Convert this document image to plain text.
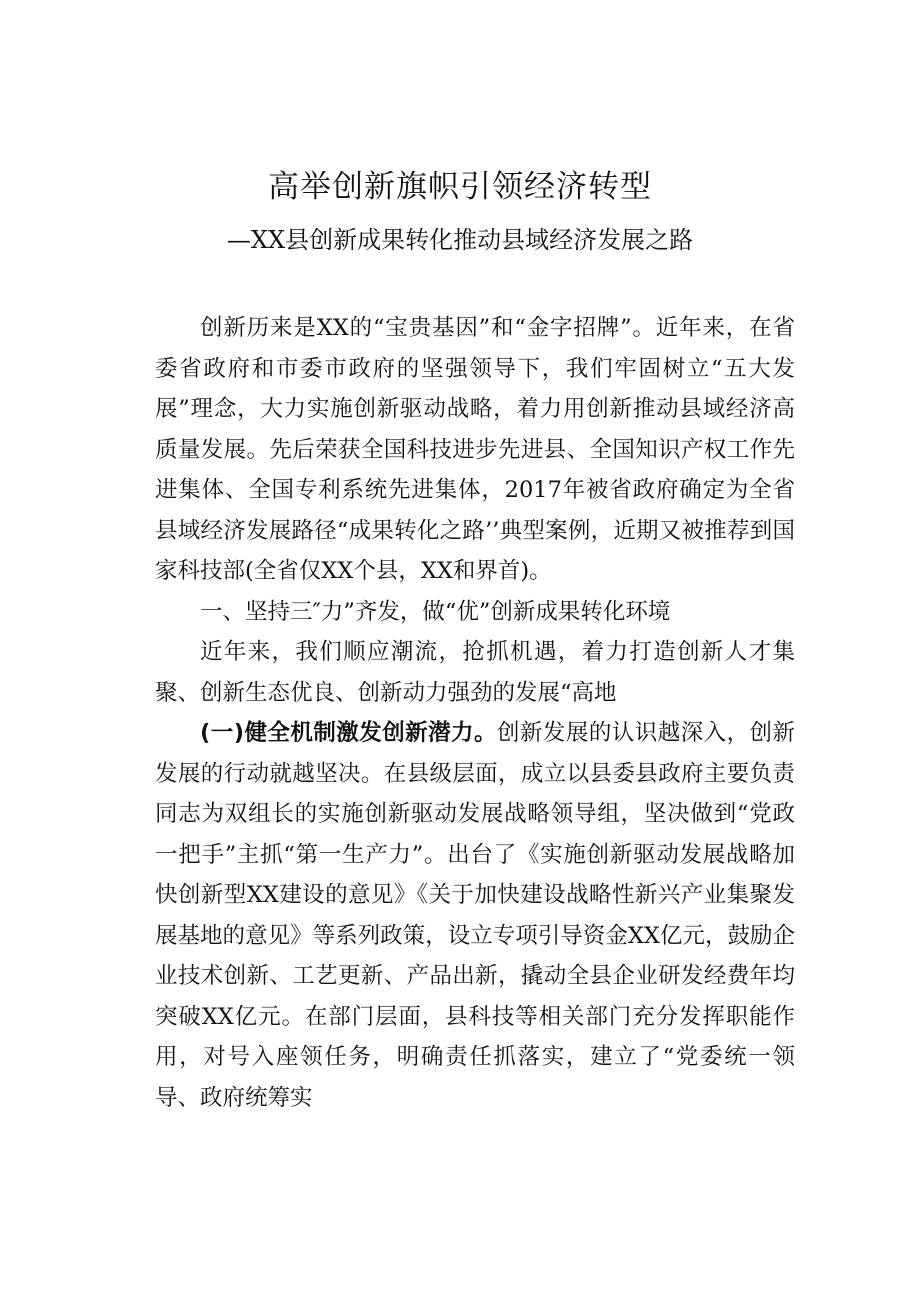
高举创新旗帜引领经济转型
—XX县创新成果转化推动县域经济发展之路

创新历来是XX的“宝贵基因”和“金字招牌”。近年来，在省委省政府和市委市政府的坚强领导下，我们牢固树立“五大发展”理念，大力实施创新驱动战略，着力用创新推动县域经济高质量发展。先后荣获全国科技进步先进县、全国知识产权工作先进集体、全国专利系统先进集体，2017年被省政府确定为全省县域经济发展路径“成果转化之路’’典型案例，近期又被推荐到国家科技部(全省仅XX个县，XX和界首)。

一、坚持三″力”齐发，做“优”创新成果转化环境

近年来，我们顺应潮流，抢抓机遇，着力打造创新人才集聚、创新生态优良、创新动力强劲的发展“高地

(一)健全机制激发创新潜力。创新发展的认识越深入，创新发展的行动就越坚决。在县级层面，成立以县委县政府主要负责同志为双组长的实施创新驱动发展战略领导组，坚决做到“党政一把手”主抓“第一生产力”。出台了《实施创新驱动发展战略加快创新型XX建设的意见》《关于加快建设战略性新兴产业集聚发展基地的意见》等系列政策，设立专项引导资金XX亿元，鼓励企业技术创新、工艺更新、产品出新，撬动全县企业研发经费年均突破XX亿元。在部门层面，县科技等相关部门充分发挥职能作用，对号入座领任务，明确责任抓落实，建立了“党委统一领导、政府统筹实
